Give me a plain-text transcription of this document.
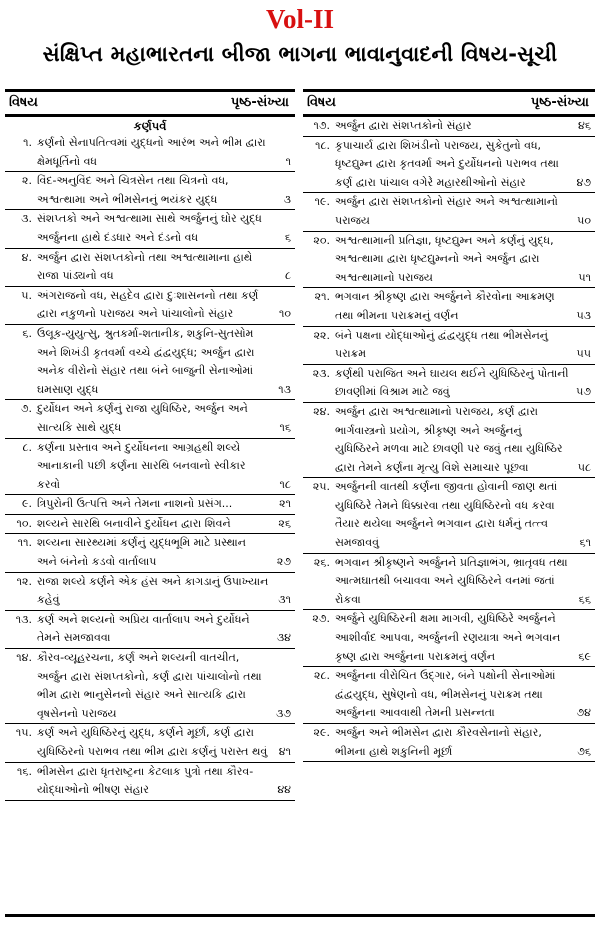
Vol-II
સંક્ષિપ્ત મહાભારતના બીજા ભાગના ભાવાનુવાદની વિષય-સૂચી
વિષય	પૃષ્ઠ-સંખ્યા
કર્ણપર્વ
૧. કર્ણનો સેનાપતિત્વમાં યુદ્ધનો આરંભ અને ભીમ દ્વારા ક્ષેમધૂર્તિનો વધ	૧
૨. વિંદ-અનુવિંદ અને ચિત્રસેન તથા ચિત્રનો વધ, અશ્વત્થામા અને ભીમસેનનું ભયંકર યુદ્ધ	૩
૩. સંશપ્તકો અને અશ્વત્થામા સાથે અર્જુનનું ઘોર યુદ્ધ અર્જુનના હાથે દંડધાર અને દંડનો વધ	૬
૪. અર્જુન દ્વારા સંશપ્તકોનો તથા અશ્વત્થામાના હાથે રાજા પાંડ્યનો વધ	૮
૫. અંગરાજનો વધ, સહદેવ દ્વારા દુઃશાસનનો તથા કર્ણ દ્વારા નકુળનો પરાજય અને પાંચાલોનો સંહાર	૧૦
૬. ઉલૂક-યુયુત્સુ, શ્રુતકર્મા-શતાનીક, શકુનિ-સુતસોમ અને શિખંડી કૃતવર્મા વચ્ચે દ્વંદ્વયુદ્ધ; અર્જુન દ્વારા અનેક વીરોનો સંહાર તથા બંને બાજુની સેનાઓમાં ઘમસાણ યુદ્ધ	૧૩
૭. દુર્યોધન અને કર્ણનું રાજા યુધિષ્ઠિર, અર્જુન અને સાત્યકિ સાથે યુદ્ધ	૧૬
૮. કર્ણના પ્રસ્તાવ અને દુર્યોધનના આગ્રહથી શલ્યે આનાકાની પછી કર્ણના સારથિ બનવાનો સ્વીકાર કરવો	૧૮
૯. ત્રિપુરોની ઉત્પત્તિ અને તેમના નાશનો પ્રસંગ...	૨૧
૧૦. શલ્યને સારથિ બનાવીને દુર્યોધન દ્વારા શિવને	૨૬
૧૧. શલ્યના સારથ્યમાં કર્ણનું યુદ્ધભૂમિ માટે પ્રસ્થાન અને બંનેનો કડવો વાર્તાલાપ	૨૭
૧૨. રાજા શલ્યે કર્ણને એક હંસ અને કાગડાનું ઉપાખ્યાન કહેવું	૩૧
૧૩. કર્ણ અને શલ્યનો અપ્રિય વાર્તાલાપ અને દુર્યોધને તેમને સમજાવવા	૩૪
૧૪. કૌરવ-વ્યૂહરચના, કર્ણ અને શલ્યની વાતચીત, અર્જુન દ્વારા સંશપ્તકોનો, કર્ણ દ્વારા પાંચાલોનો તથા ભીમ દ્વારા ભાનુસેનનો સંહાર અને સાત્યકિ દ્વારા વૃષસેનનો પરાજય	૩૭
૧૫. કર્ણ અને યુધિષ્ઠિરનું યુદ્ધ, કર્ણને મૂર્છા, કર્ણ દ્વારા યુધિષ્ઠિરનો પરાભવ તથા ભીમ દ્વારા કર્ણનું પરાસ્ત થવું	૪૧
૧૬. ભીમસેન દ્વારા ધૃતરાષ્ટ્રના કેટલાક પુત્રો તથા કૌરવ-યોદ્ધાઓનો ભીષણ સંહાર	૪૪
વિષય	પૃષ્ઠ-સંખ્યા
૧૭. અર્જુન દ્વારા સંશપ્તકોનો સંહાર	૪૬
૧૮. કૃપાચાર્ય દ્વારા શિખંડીનો પરાજય, સુકેતુનો વધ, ધૃષ્ટદ્યુમ્ન દ્વારા કૃતવર્મા અને દુર્યોધનનો પરાભવ તથા કર્ણ દ્વારા પાંચાલ વગેરે મહારથીઓનો સંહાર	૪૭
૧૯. અર્જુન દ્વારા સંશપ્તકોનો સંહાર અને અશ્વત્થામાનો પરાજય	૫૦
૨૦. અશ્વત્થામાની પ્રતિજ્ઞા, ધૃષ્ટદ્યુમ્ન અને કર્ણનું યુદ્ધ, અશ્વત્થામા દ્વારા ધૃષ્ટદ્યુમ્નનો અને અર્જુન દ્વારા અશ્વત્થામાનો પરાજય	૫૧
૨૧. ભગવાન શ્રીકૃષ્ણ દ્વારા અર્જુનને કૌરવોના આક્રમણ તથા ભીમના પરાક્રમનું વર્ણન	૫૩
૨૨. બંને પક્ષના યોદ્ધાઓનું દ્વંદ્વયુદ્ધ તથા ભીમસેનનું પરાક્રમ	૫૫
૨૩. કર્ણથી પરાજિત અને ઘાયલ થઈને યુધિષ્ઠિરનું પોતાની છાવણીમાં વિશ્રામ માટે જવું	૫૭
૨૪. અર્જુન દ્વારા અશ્વત્થામાનો પરાજય, કર્ણ દ્વારા ભાર્ગવાસ્ત્રનો પ્રયોગ, શ્રીકૃષ્ણ અને અર્જુનનું યુધિષ્ઠિરને મળવા માટે છાવણી પર જવું તથા યુધિષ્ઠિર દ્વારા તેમને કર્ણના મૃત્યુ વિશે સમાચાર પૂછવા	૫૮
૨૫. અર્જુનની વાતથી કર્ણના જીવતા હોવાની જાણ થતાં યુધિષ્ઠિરે તેમને ધિક્કારવા તથા યુધિષ્ઠિરનો વધ કરવા તૈયાર થયેલા અર્જુનને ભગવાન દ્વારા ધર્મનું તત્ત્વ સમજાવવું	૬૧
૨૬. ભગવાન શ્રીકૃષ્ણને અર્જુનને પ્રતિજ્ઞાભંગ, ભ્રાતૃવધ તથા આત્મઘાતથી બચાવવા અને યુધિષ્ઠિરને વનમાં જતાં રોકવા	૬૬
૨૭. અર્જુને યુધિષ્ઠિરની ક્ષમા માગવી, યુધિષ્ઠિરે અર્જુનને આશીર્વાદ આપવા, અર્જુનની રણયાત્રા અને ભગવાન કૃષ્ણ દ્વારા અર્જુનના પરાક્રમનું વર્ણન	૬૯
૨૮. અર્જુનના વીરોચિત ઉદ્ગાર, બંને પક્ષોની સેનાઓમાં દ્વંદ્વયુદ્ધ, સુષેણનો વધ, ભીમસેનનું પરાક્રમ તથા અર્જુનના આવવાથી તેમની પ્રસન્નતા	૭૪
૨૯. અર્જુન અને ભીમસેન દ્વારા કૌરવસેનાનો સંહાર, ભીમના હાથે શકુનિની મૂર્છા	૭૬
